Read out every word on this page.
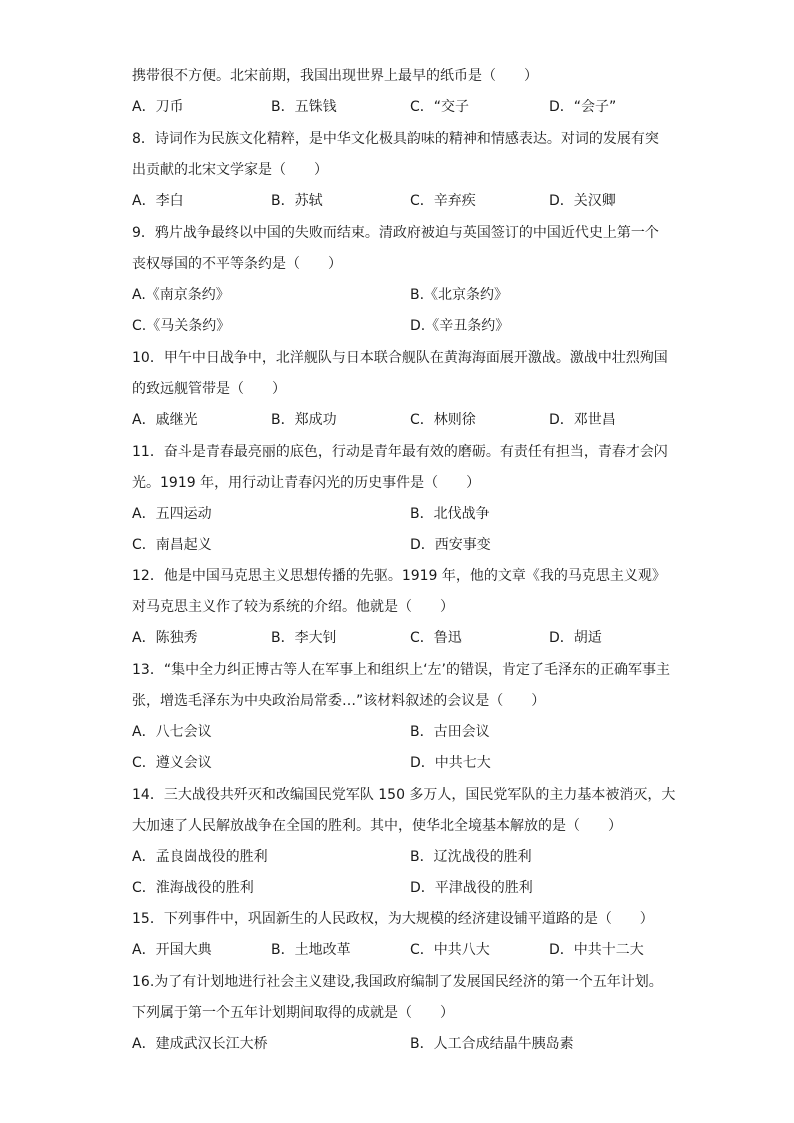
携带很不方便。北宋前期，我国出现世界上最早的纸币是（　　）
A．刀币	B．五铢钱	C．“交子	D．“会子”
8．诗词作为民族文化精粹，是中华文化极具韵味的精神和情感表达。对词的发展有突
出贡献的北宋文学家是（　　）
A．李白	B．苏轼	C．辛弃疾	D．关汉卿
9．鸦片战争最终以中国的失败而结束。清政府被迫与英国签订的中国近代史上第一个
丧权辱国的不平等条约是（　　）
A.《南京条约》	B.《北京条约》
C.《马关条约》	D.《辛丑条约》
10．甲午中日战争中，北洋舰队与日本联合舰队在黄海海面展开激战。激战中壮烈殉国
的致远舰管带是（　　）
A．戚继光	B．郑成功	C．林则徐	D．邓世昌
11．奋斗是青春最亮丽的底色，行动是青年最有效的磨砺。有责任有担当，青春才会闪
光。1919 年，用行动让青春闪光的历史事件是（　　）
A．五四运动	B．北伐战争
C．南昌起义	D．西安事变
12．他是中国马克思主义思想传播的先驱。1919 年，他的文章《我的马克思主义观》
对马克思主义作了较为系统的介绍。他就是（　　）
A．陈独秀	B．李大钊	C．鲁迅	D．胡适
13．“集中全力纠正博古等人在军事上和组织上‘左’的错误，肯定了毛泽东的正确军事主
张，增选毛泽东为中央政治局常委…”该材料叙述的会议是（　　）
A．八七会议	B．古田会议
C．遵义会议	D．中共七大
14．三大战役共歼灭和改编国民党军队 150 多万人，国民党军队的主力基本被消灭，大
大加速了人民解放战争在全国的胜利。其中，使华北全境基本解放的是（　　）
A．孟良崮战役的胜利	B．辽沈战役的胜利
C．淮海战役的胜利	D．平津战役的胜利
15．下列事件中，巩固新生的人民政权，为大规模的经济建设铺平道路的是（　　）
A．开国大典	B．土地改革	C．中共八大	D．中共十二大
16.为了有计划地进行社会主义建设,我国政府编制了发展国民经济的第一个五年计划。
下列属于第一个五年计划期间取得的成就是（　　）
A．建成武汉长江大桥	B．人工合成结晶牛胰岛素
